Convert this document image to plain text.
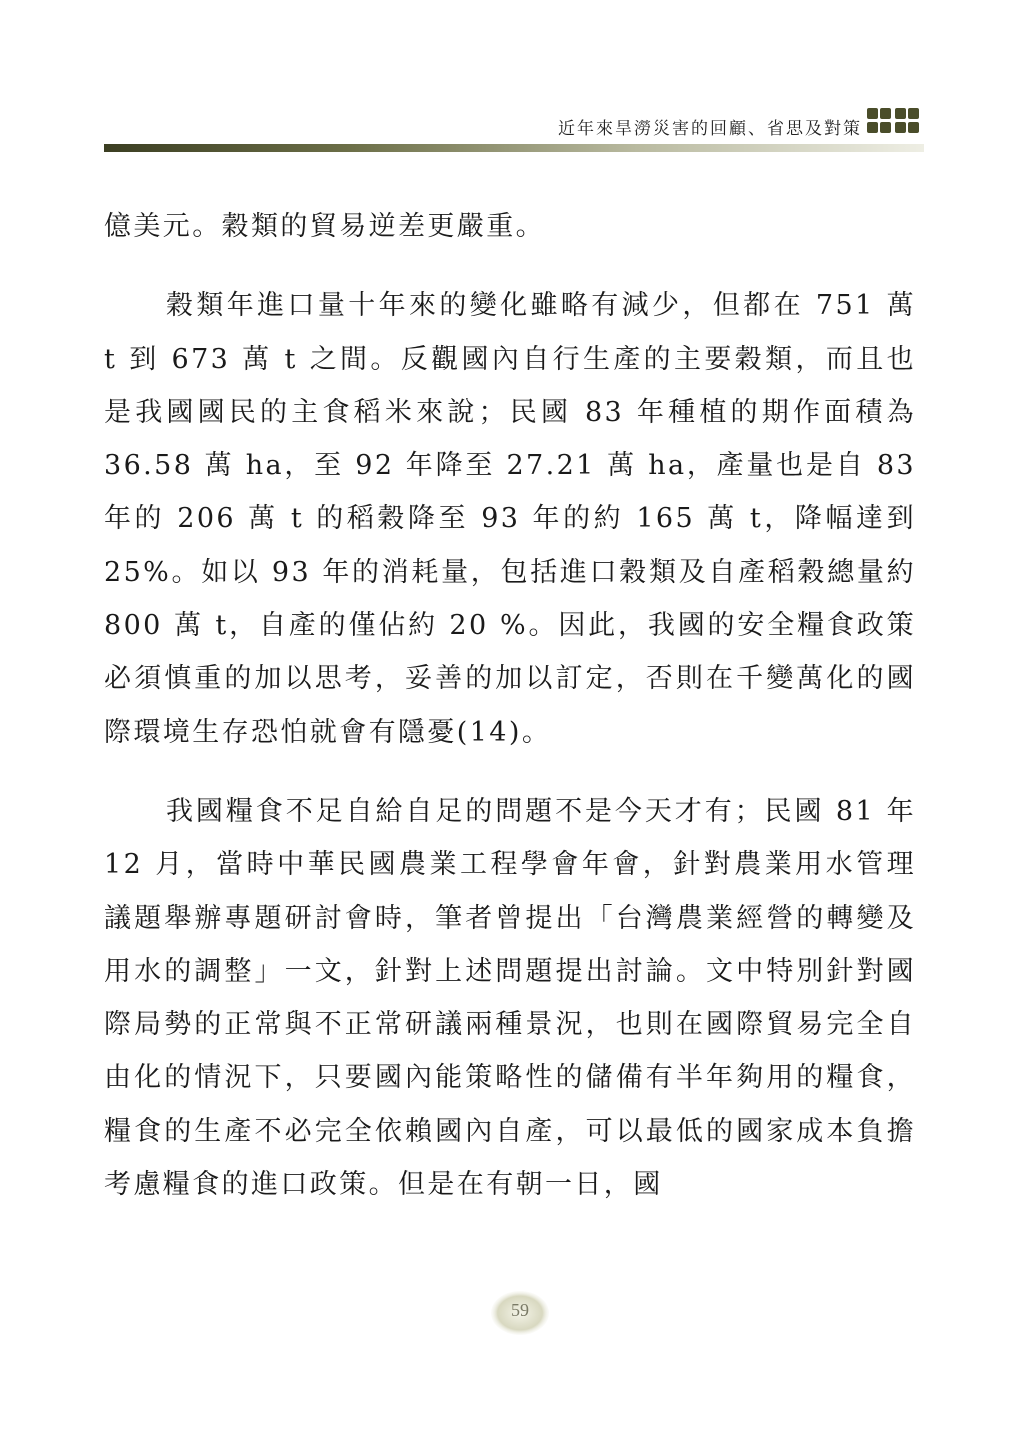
近年來旱澇災害的回顧、省思及對策

億美元。穀類的貿易逆差更嚴重。

穀類年進口量十年來的變化雖略有減少，但都在 751 萬 t 到 673 萬 t 之間。反觀國內自行生產的主要穀類，而且也是我國國民的主食稻米來說；民國 83 年種植的期作面積為 36.58 萬 ha，至 92 年降至 27.21 萬 ha，產量也是自 83 年的 206 萬 t 的稻穀降至 93 年的約 165 萬 t，降幅達到 25%。如以 93 年的消耗量，包括進口穀類及自產稻穀總量約 800 萬 t，自產的僅佔約 20 %。因此，我國的安全糧食政策必須慎重的加以思考，妥善的加以訂定，否則在千變萬化的國際環境生存恐怕就會有隱憂(14)。

我國糧食不足自給自足的問題不是今天才有；民國 81 年 12 月，當時中華民國農業工程學會年會，針對農業用水管理議題舉辦專題研討會時，筆者曾提出「台灣農業經營的轉變及用水的調整」一文，針對上述問題提出討論。文中特別針對國際局勢的正常與不正常研議兩種景況，也則在國際貿易完全自由化的情況下，只要國內能策略性的儲備有半年夠用的糧食，糧食的生產不必完全依賴國內自產，可以最低的國家成本負擔考慮糧食的進口政策。但是在有朝一日，國

59
